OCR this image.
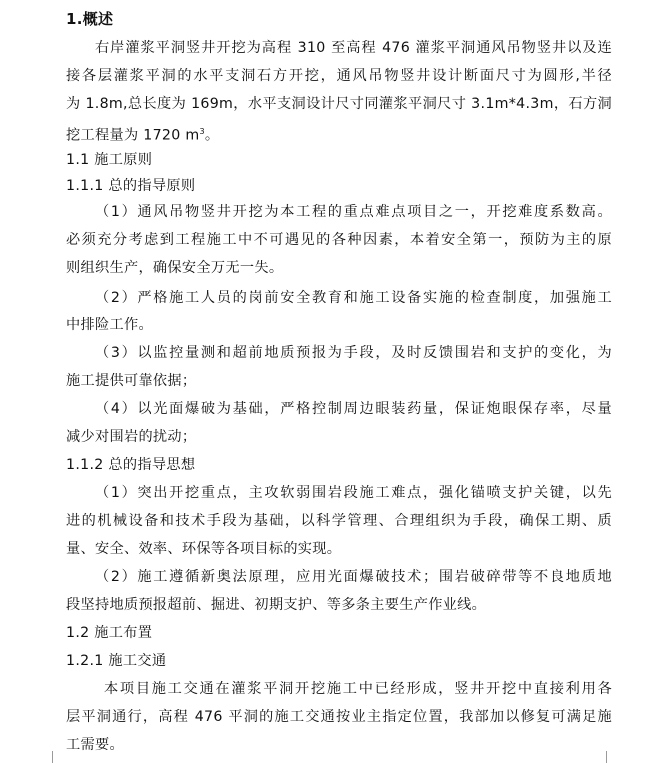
1.概述
右岸灌浆平洞竖井开挖为高程 310 至高程 476 灌浆平洞通风吊物竖井以及连
接各层灌浆平洞的水平支洞石方开挖，通风吊物竖井设计断面尺寸为圆形,半径
为 1.8m,总长度为 169m，水平支洞设计尺寸同灌浆平洞尺寸 3.1m*4.3m，石方洞
挖工程量为 1720 $m^3$。
1.1 施工原则
1.1.1 总的指导原则
（1）通风吊物竖井开挖为本工程的重点难点项目之一，开挖难度系数高。
必须充分考虑到工程施工中不可遇见的各种因素，本着安全第一，预防为主的原
则组织生产，确保安全万无一失。
（2）严格施工人员的岗前安全教育和施工设备实施的检查制度，加强施工
中排险工作。
（3）以监控量测和超前地质预报为手段，及时反馈围岩和支护的变化，为
施工提供可靠依据；
（4）以光面爆破为基础，严格控制周边眼装药量，保证炮眼保存率，尽量
减少对围岩的扰动；
1.1.2 总的指导思想
（1）突出开挖重点，主攻软弱围岩段施工难点，强化锚喷支护关键，以先
进的机械设备和技术手段为基础，以科学管理、合理组织为手段，确保工期、质
量、安全、效率、环保等各项目标的实现。
（2）施工遵循新奥法原理，应用光面爆破技术；围岩破碎带等不良地质地
段坚持地质预报超前、掘进、初期支护、等多条主要生产作业线。
1.2 施工布置
1.2.1 施工交通
本项目施工交通在灌浆平洞开挖施工中已经形成，竖井开挖中直接利用各
层平洞通行，高程 476 平洞的施工交通按业主指定位置，我部加以修复可满足施
工需要。
